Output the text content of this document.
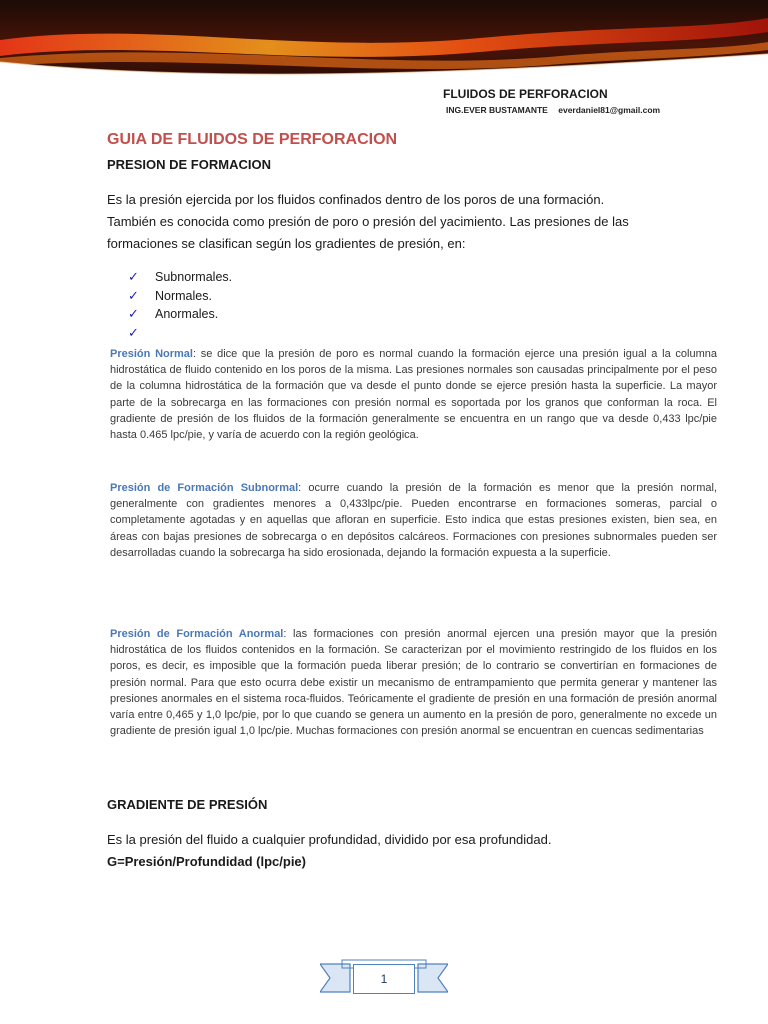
FLUIDOS DE PERFORACION
ING.EVER BUSTAMANTE everdaniel81@gmail.com
GUIA DE FLUIDOS DE PERFORACION
PRESION DE FORMACION
Es la presión ejercida por los fluidos confinados dentro de los poros de una formación.
También es conocida como presión de poro o presión del yacimiento. Las presiones de las
formaciones se clasifican según los gradientes de presión, en:
✓	Subnormales.
✓	Normales.
✓	Anormales.
✓
Presión Normal: se dice que la presión de poro es normal cuando la formación ejerce una presión igual a la columna hidrostática de fluido contenido en los poros de la misma. Las presiones normales son causadas principalmente por el peso de la columna hidrostática de la formación que va desde el punto donde se ejerce presión hasta la superficie. La mayor parte de la sobrecarga en las formaciones con presión normal es soportada por los granos que conforman la roca. El gradiente de presión de los fluidos de la formación generalmente se encuentra en un rango que va desde 0,433 lpc/pie hasta 0.465 lpc/pie, y varía de acuerdo con la región geológica.
Presión de Formación Subnormal: ocurre cuando la presión de la formación es menor que la presión normal, generalmente con gradientes menores a 0,433lpc/pie. Pueden encontrarse en formaciones someras, parcial o completamente agotadas y en aquellas que afloran en superficie. Esto indica que estas presiones existen, bien sea, en áreas con bajas presiones de sobrecarga o en depósitos calcáreos. Formaciones con presiones subnormales pueden ser desarrolladas cuando la sobrecarga ha sido erosionada, dejando la formación expuesta a la superficie.
Presión de Formación Anormal: las formaciones con presión anormal ejercen una presión mayor que la presión hidrostática de los fluidos contenidos en la formación. Se caracterizan por el movimiento restringido de los fluidos en los poros, es decir, es imposible que la formación pueda liberar presión; de lo contrario se convertirían en formaciones de presión normal. Para que esto ocurra debe existir un mecanismo de entrampamiento que permita generar y mantener las presiones anormales en el sistema roca-fluidos. Teóricamente el gradiente de presión en una formación de presión anormal varía entre 0,465 y 1,0 lpc/pie, por lo que cuando se genera un aumento en la presión de poro, generalmente no excede un gradiente de presión igual 1,0 lpc/pie. Muchas formaciones con presión anormal se encuentran en cuencas sedimentarias
GRADIENTE DE PRESIÓN
Es la presión del fluido a cualquier profundidad, dividido por esa profundidad.
G=Presión/Profundidad (lpc/pie)
1
